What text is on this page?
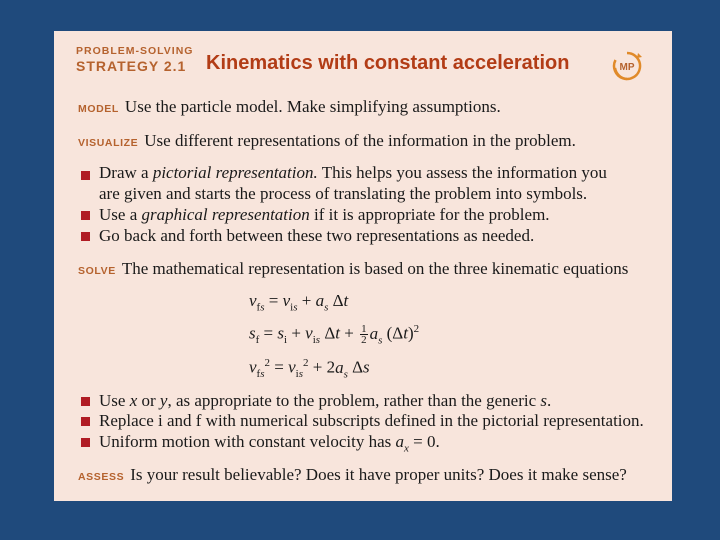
PROBLEM-SOLVING
STRATEGY 2.1 Kinematics with constant acceleration	MP
MODEL Use the particle model. Make simplifying assumptions.
VISUALIZE Use different representations of the information in the problem.
Draw a pictorial representation. This helps you assess the information you
are given and starts the process of translating the problem into symbols.
Use a graphical representation if it is appropriate for the problem.
Go back and forth between these two representations as needed.
SOLVE The mathematical representation is based on the three kinematic equations
$v_{fs} = v_{is} + a_s$ Δt
$s_f = s_i + v_{is}$ $\Delta t + \frac{1}{2} a_s$ $(\Delta t)^2$
$v_{fs}^2 = v_{is}^2 + 2a_s$ Δs
Use x or y, as appropriate to the problem, rather than the generic s.
Replace i and f with numerical subscripts defined in the pictorial representation.
Uniform motion with constant velocity has $a_x = 0$.
ASSESS Is your result believable? Does it have proper units? Does it make sense?
